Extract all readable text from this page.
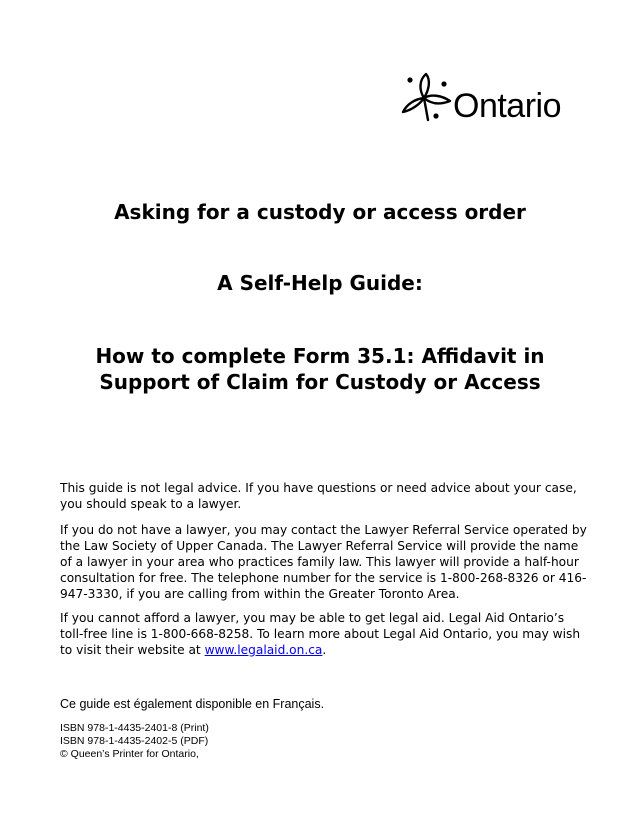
Ontario
Asking for a custody or access order
A Self-Help Guide:
How to complete Form 35.1: Affidavit in
Support of Claim for Custody or Access

This guide is not legal advice. If you have questions or need advice about your case, you should speak to a lawyer.

If you do not have a lawyer, you may contact the Lawyer Referral Service operated by the Law Society of Upper Canada. The Lawyer Referral Service will provide the name of a lawyer in your area who practices family law. This lawyer will provide a half-hour consultation for free. The telephone number for the service is 1-800-268-8326 or 416-947-3330, if you are calling from within the Greater Toronto Area.

If you cannot afford a lawyer, you may be able to get legal aid. Legal Aid Ontario’s toll-free line is 1-800-668-8258. To learn more about Legal Aid Ontario, you may wish to visit their website at www.legalaid.on.ca.

Ce guide est également disponible en Français.

ISBN 978-1-4435-2401-8 (Print)
ISBN 978-1-4435-2402-5 (PDF)
© Queen’s Printer for Ontario,
